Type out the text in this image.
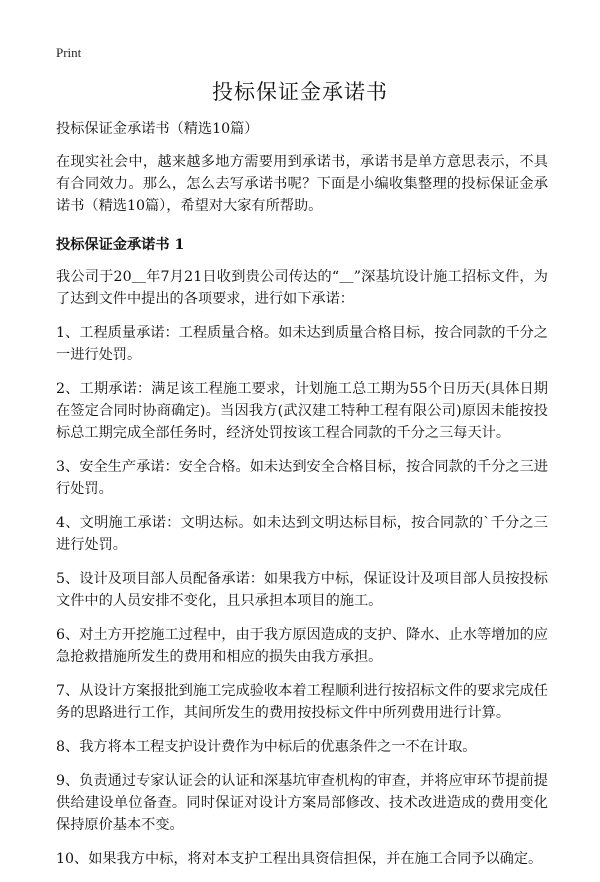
Print
投标保证金承诺书

投标保证金承诺书（精选10篇）

在现实社会中，越来越多地方需要用到承诺书，承诺书是单方意思表示，不具有合同效力。那么，怎么去写承诺书呢？下面是小编收集整理的投标保证金承诺书（精选10篇），希望对大家有所帮助。

投标保证金承诺书 1

我公司于20＿年7月21日收到贵公司传达的“＿”深基坑设计施工招标文件，为了达到文件中提出的各项要求，进行如下承诺：

1、工程质量承诺：工程质量合格。如未达到质量合格目标，按合同款的千分之一进行处罚。

2、工期承诺：满足该工程施工要求，计划施工总工期为55个日历天(具体日期在签定合同时协商确定)。当因我方(武汉建工特种工程有限公司)原因未能按投标总工期完成全部任务时，经济处罚按该工程合同款的千分之三每天计。

3、安全生产承诺：安全合格。如未达到安全合格目标，按合同款的千分之三进行处罚。

4、文明施工承诺：文明达标。如未达到文明达标目标，按合同款的`千分之三进行处罚。

5、设计及项目部人员配备承诺：如果我方中标，保证设计及项目部人员按投标文件中的人员安排不变化，且只承担本项目的施工。

6、对土方开挖施工过程中，由于我方原因造成的支护、降水、止水等增加的应急抢救措施所发生的费用和相应的损失由我方承担。

7、从设计方案报批到施工完成验收本着工程顺利进行按招标文件的要求完成任务的思路进行工作，其间所发生的费用按投标文件中所列费用进行计算。

8、我方将本工程支护设计费作为中标后的优惠条件之一不在计取。

9、负责通过专家认证会的认证和深基坑审查机构的审查，并将应审环节提前提供给建设单位备查。同时保证对设计方案局部修改、技术改进造成的费用变化保持原价基本不变。

10、如果我方中标，将对本支护工程出具资信担保，并在施工合同予以确定。
